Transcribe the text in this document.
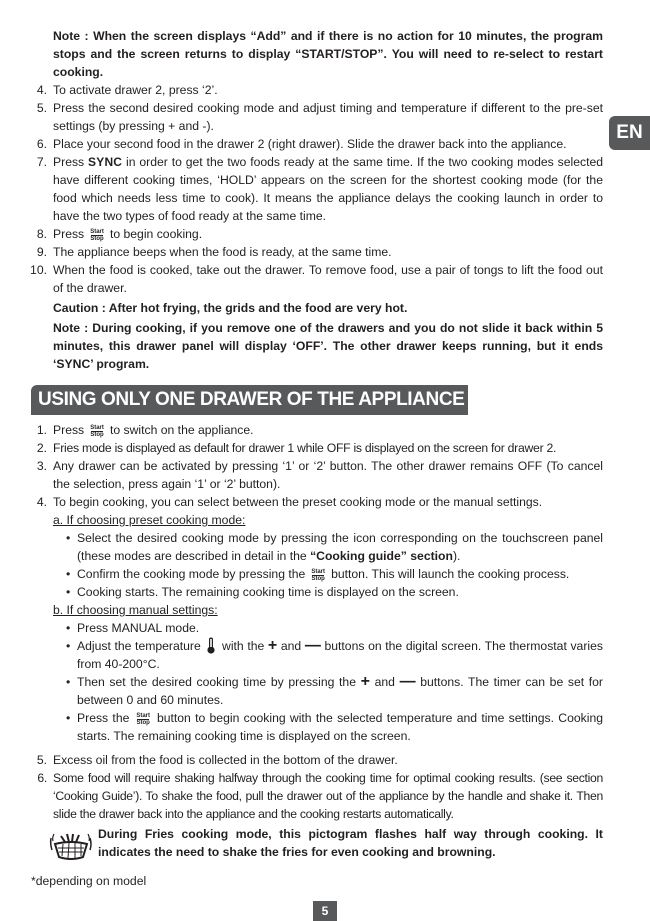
Note : When the screen displays “Add” and if there is no action for 10 minutes, the program stops and the screen returns to display “START/STOP”. You will need to re-select to restart cooking.

EN
4. To activate drawer 2, press ‘2’.
5. Press the second desired cooking mode and adjust timing and temperature if different to the pre-set settings (by pressing + and -).
6. Place your second food in the drawer 2 (right drawer). Slide the drawer back into the appliance.
7. Press SYNC in order to get the two foods ready at the same time. If the two cooking modes selected have different cooking times, ‘HOLD’ appears on the screen for the shortest cooking mode (for the food which needs less time to cook). It means the appliance delays the cooking launch in order to have the two types of food ready at the same time.
8. Press Start
Stop to begin cooking.
9. The appliance beeps when the food is ready, at the same time.
10. When the food is cooked, take out the drawer. To remove food, use a pair of tongs to lift the food out of the drawer.

Caution : After hot frying, the grids and the food are very hot.

Note : During cooking, if you remove one of the drawers and you do not slide it back within 5 minutes, this drawer panel will display ‘OFF’. The other drawer keeps running, but it ends ‘SYNC’ program.

USING ONLY ONE DRAWER OF THE APPLIANCE
1. Press Start
Stop to switch on the appliance.
2. Fries mode is displayed as default for drawer 1 while OFF is displayed on the screen for drawer 2.
3. Any drawer can be activated by pressing ‘1’ or ‘2’ button. The other drawer remains OFF (To cancel the selection, press again ‘1’ or ‘2’ button).
4. To begin cooking, you can select between the preset cooking mode or the manual settings.
a. If choosing preset cooking mode:
• Select the desired cooking mode by pressing the icon corresponding on the touchscreen panel (these modes are described in detail in the “Cooking guide” section).
• Confirm the cooking mode by pressing the Start
Stop button. This will launch the cooking process.
• Cooking starts. The remaining cooking time is displayed on the screen.
b. If choosing manual settings:
• Press MANUAL mode.
• Adjust the temperature with the + and — buttons on the digital screen. The thermostat varies from 40-200°C.
• Then set the desired cooking time by pressing the + and — buttons. The timer can be set for between 0 and 60 minutes.
• Press the Start
Stop button to begin cooking with the selected temperature and time settings. Cooking starts. The remaining cooking time is displayed on the screen.
5. Excess oil from the food is collected in the bottom of the drawer.
6. Some food will require shaking halfway through the cooking time for optimal cooking results. (see section ‘Cooking Guide’). To shake the food, pull the drawer out of the appliance by the handle and shake it. Then slide the drawer back into the appliance and the cooking restarts automatically.
During Fries cooking mode, this pictogram flashes half way through cooking. It indicates the need to shake the fries for even cooking and browning.
*depending on model
5
